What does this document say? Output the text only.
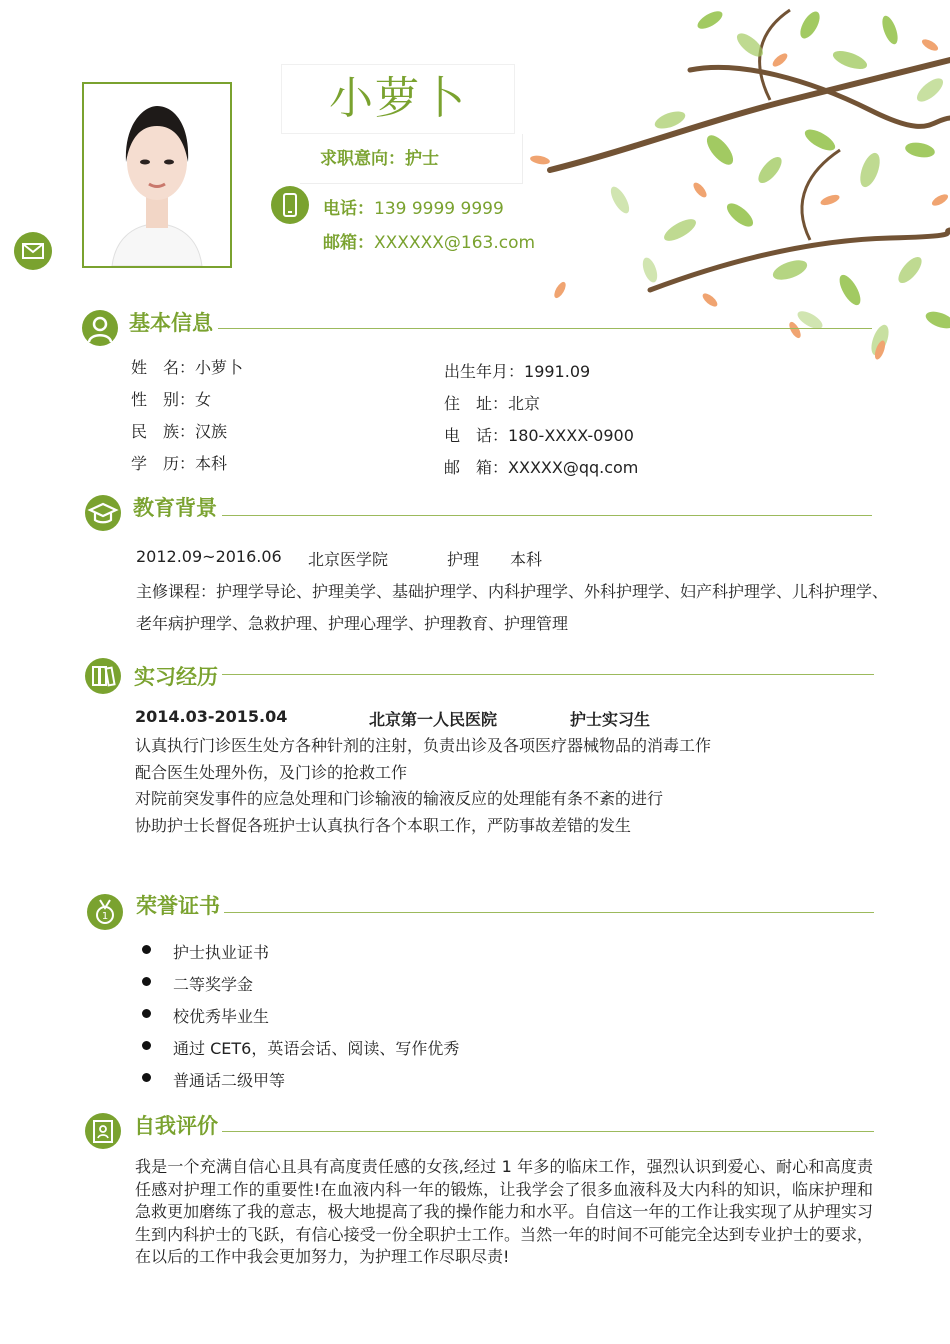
小萝卜
求职意向：护士
电话：139 9999 9999
邮箱：XXXXXX@163.com
基本信息
姓　名：小萝卜
性　别：女
民　族：汉族
学　历：本科
出生年月：1991.09
住　址：北京
电　话：180-XXXX-0900
邮　箱：XXXXX@qq.com
教育背景
2012.09~2016.06 北京医学院	护理 本科
主修课程：护理学导论、护理美学、基础护理学、内科护理学、外科护理学、妇产科护理学、儿科护理学、
老年病护理学、急救护理、护理心理学、护理教育、护理管理
实习经历
2014.03-2015.04	北京第一人民医院	护士实习生
认真执行门诊医生处方各种针剂的注射，负责出诊及各项医疗器械物品的消毒工作
配合医生处理外伤，及门诊的抢救工作
对院前突发事件的应急处理和门诊输液的输液反应的处理能有条不紊的进行
协助护士长督促各班护士认真执行各个本职工作，严防事故差错的发生
1 荣誉证书
护士执业证书
二等奖学金
校优秀毕业生
通过 CET6，英语会话、阅读、写作优秀
普通话二级甲等
自我评价
我是一个充满自信心且具有高度责任感的女孩,经过 1 年多的临床工作，强烈认识到爱心、耐心和高度责任感对护理工作的重要性!在血液内科一年的锻炼，让我学会了很多血液科及大内科的知识，临床护理和急救更加磨练了我的意志，极大地提高了我的操作能力和水平。自信这一年的工作让我实现了从护理实习生到内科护士的飞跃，有信心接受一份全职护士工作。当然一年的时间不可能完全达到专业护士的要求，在以后的工作中我会更加努力，为护理工作尽职尽责!
